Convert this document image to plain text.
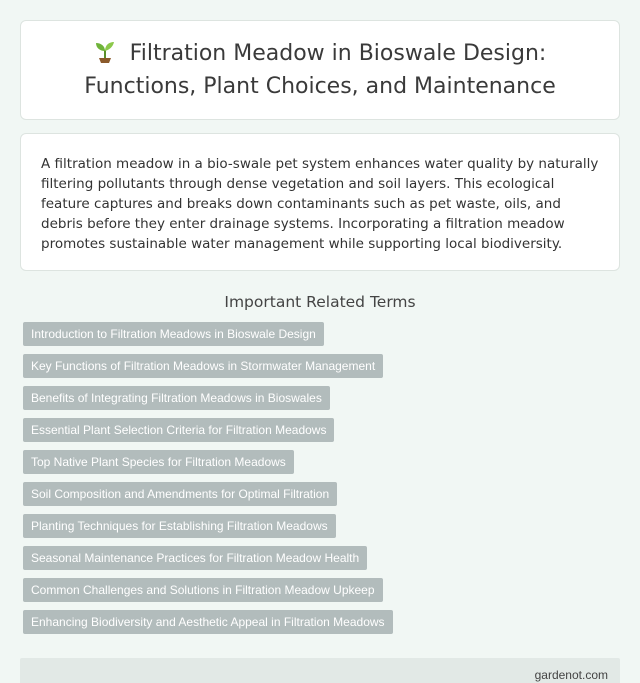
Filtration Meadow in Bioswale Design:
Functions, Plant Choices, and Maintenance

A filtration meadow in a bio-swale pet system enhances water quality by naturally filtering pollutants through dense vegetation and soil layers. This ecological feature captures and breaks down contaminants such as pet waste, oils, and debris before they enter drainage systems. Incorporating a filtration meadow promotes sustainable water management while supporting local biodiversity.

Important Related Terms
Introduction to Filtration Meadows in Bioswale Design
Key Functions of Filtration Meadows in Stormwater Management
Benefits of Integrating Filtration Meadows in Bioswales
Essential Plant Selection Criteria for Filtration Meadows
Top Native Plant Species for Filtration Meadows
Soil Composition and Amendments for Optimal Filtration
Planting Techniques for Establishing Filtration Meadows
Seasonal Maintenance Practices for Filtration Meadow Health
Common Challenges and Solutions in Filtration Meadow Upkeep
Enhancing Biodiversity and Aesthetic Appeal in Filtration Meadows
gardenot.com
